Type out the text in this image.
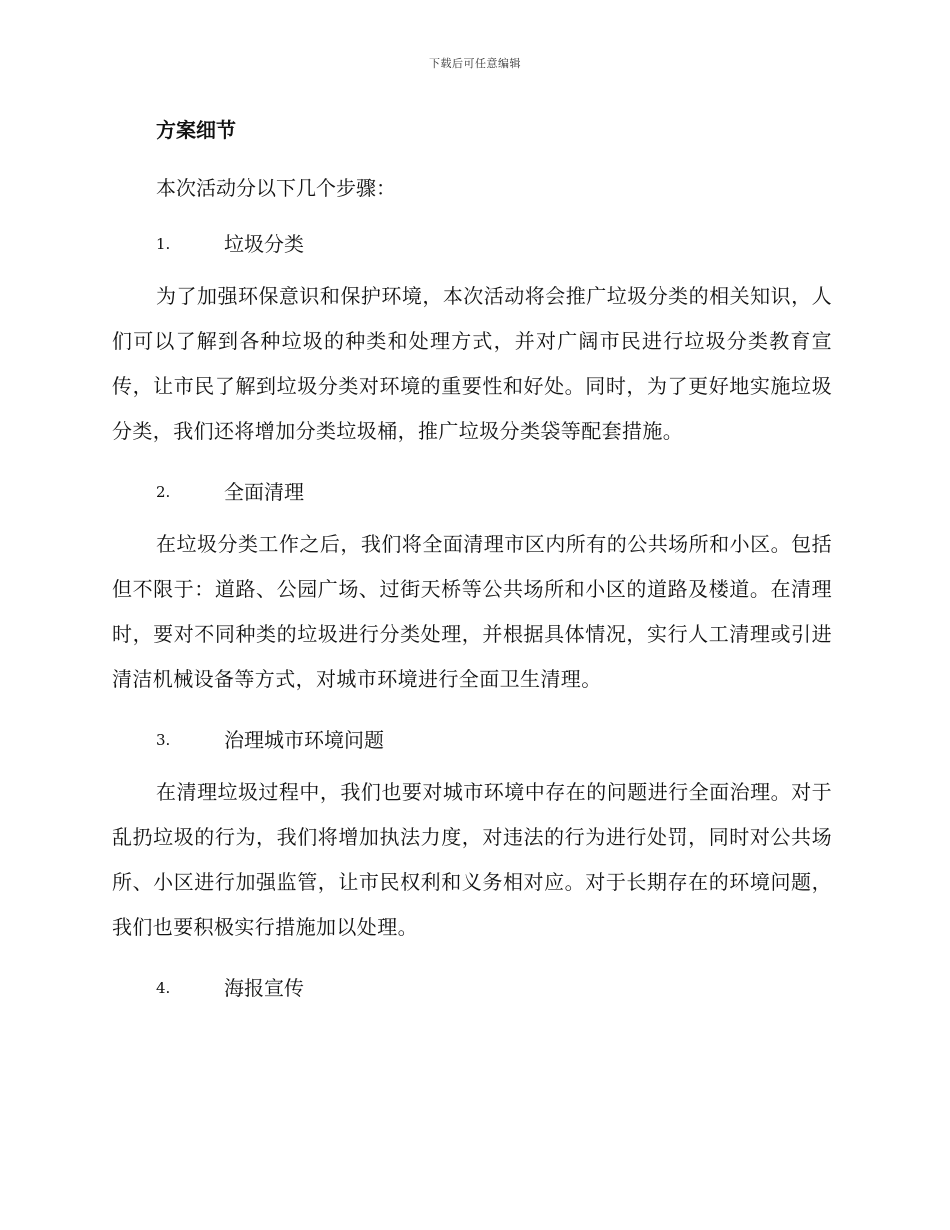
下载后可任意编辑
方案细节
本次活动分以下几个步骤：
1.	垃圾分类

为了加强环保意识和保护环境，本次活动将会推广垃圾分类的相关知识，人们可以了解到各种垃圾的种类和处理方式，并对广阔市民进行垃圾分类教育宣传，让市民了解到垃圾分类对环境的重要性和好处。同时，为了更好地实施垃圾分类，我们还将增加分类垃圾桶，推广垃圾分类袋等配套措施。

2.	全面清理

在垃圾分类工作之后，我们将全面清理市区内所有的公共场所和小区。包括但不限于：道路、公园广场、过街天桥等公共场所和小区的道路及楼道。在清理时，要对不同种类的垃圾进行分类处理，并根据具体情况，实行人工清理或引进清洁机械设备等方式，对城市环境进行全面卫生清理。

3.	治理城市环境问题

在清理垃圾过程中，我们也要对城市环境中存在的问题进行全面治理。对于乱扔垃圾的行为，我们将增加执法力度，对违法的行为进行处罚，同时对公共场所、小区进行加强监管，让市民权利和义务相对应。对于长期存在的环境问题，我们也要积极实行措施加以处理。

4.	海报宣传
